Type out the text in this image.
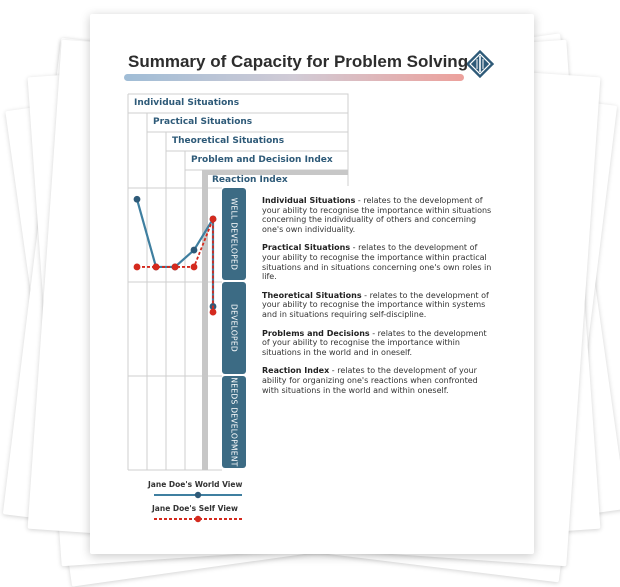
Summary of Capacity for Problem Solving
Individual Situations
Practical Situations
Theoretical Situations
Problem and Decision Index
Reaction Index
WELL DEVELOPED
DEVELOPED
NEEDS DEVELOPMENT

Individual Situations - relates to the development of your ability to recognise the importance within situations concerning the individuality of others and concerning one's own individuality.

Practical Situations - relates to the development of your ability to recognise the importance within practical situations and in situations concerning one's own roles in life.

Theoretical Situations - relates to the development of your ability to recognise the importance within systems and in situations requiring self-discipline.

Problems and Decisions - relates to the development of your ability to recognise the importance within situations in the world and in oneself.

Reaction Index - relates to the development of your ability for organizing one's reactions when confronted with situations in the world and within oneself.

Jane Doe's World View
Jane Doe's Self View
